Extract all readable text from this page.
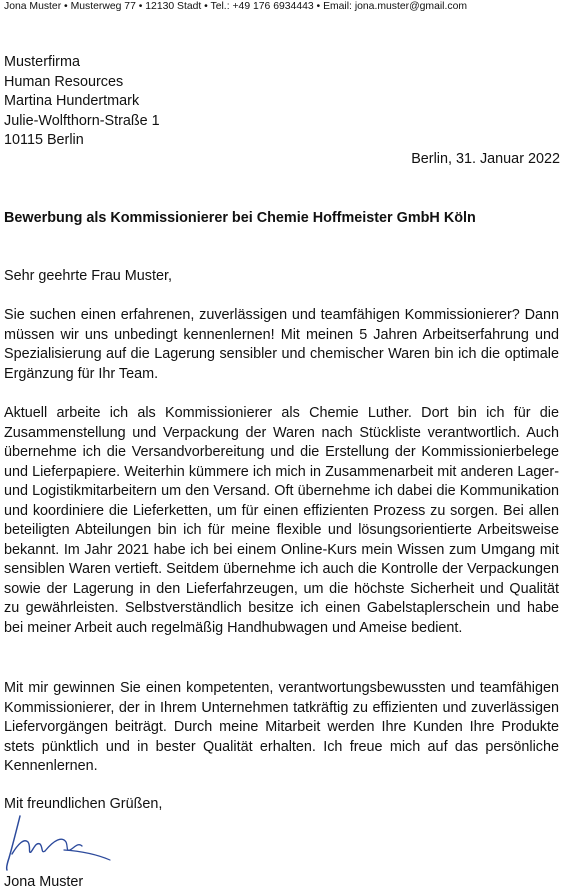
Jona Muster • Musterweg 77 • 12130 Stadt • Tel.: +49 176 6934443 • Email: jona.muster@gmail.com
Musterfirma
Human Resources
Martina Hundertmark
Julie-Wolfthorn-Straße 1
10115 Berlin
Berlin, 31. Januar 2022
Bewerbung als Kommissionierer bei Chemie Hoffmeister GmbH Köln
Sehr geehrte Frau Muster,
Sie suchen einen erfahrenen, zuverlässigen und teamfähigen Kommissionierer? Dann müssen wir uns unbedingt kennenlernen! Mit meinen 5 Jahren Arbeitserfahrung und Spezialisierung auf die Lagerung sensibler und chemischer Waren bin ich die optimale Ergänzung für Ihr Team.
Aktuell arbeite ich als Kommissionierer als Chemie Luther. Dort bin ich für die Zusammenstellung und Verpackung der Waren nach Stückliste verantwortlich. Auch übernehme ich die Versandvorbereitung und die Erstellung der Kommissionierbelege und Lieferpapiere. Weiterhin kümmere ich mich in Zusammenarbeit mit anderen Lager- und Logistikmitarbeitern um den Versand. Oft übernehme ich dabei die Kommunikation und koordiniere die Lieferketten, um für einen effizienten Prozess zu sorgen. Bei allen beteiligten Abteilungen bin ich für meine flexible und lösungsorientierte Arbeitsweise bekannt. Im Jahr 2021 habe ich bei einem Online-Kurs mein Wissen zum Umgang mit sensiblen Waren vertieft. Seitdem übernehme ich auch die Kontrolle der Verpackungen sowie der Lagerung in den Lieferfahrzeugen, um die höchste Sicherheit und Qualität zu gewährleisten. Selbstverständlich besitze ich einen Gabelstaplerschein und habe bei meiner Arbeit auch regelmäßig Handhubwagen und Ameise bedient.
Mit mir gewinnen Sie einen kompetenten, verantwortungsbewussten und teamfähigen Kommissionierer, der in Ihrem Unternehmen tatkräftig zu effizienten und zuverlässigen Liefervorgängen beiträgt. Durch meine Mitarbeit werden Ihre Kunden Ihre Produkte stets pünktlich und in bester Qualität erhalten. Ich freue mich auf das persönliche Kennenlernen.
Mit freundlichen Grüßen,
Jona Muster
